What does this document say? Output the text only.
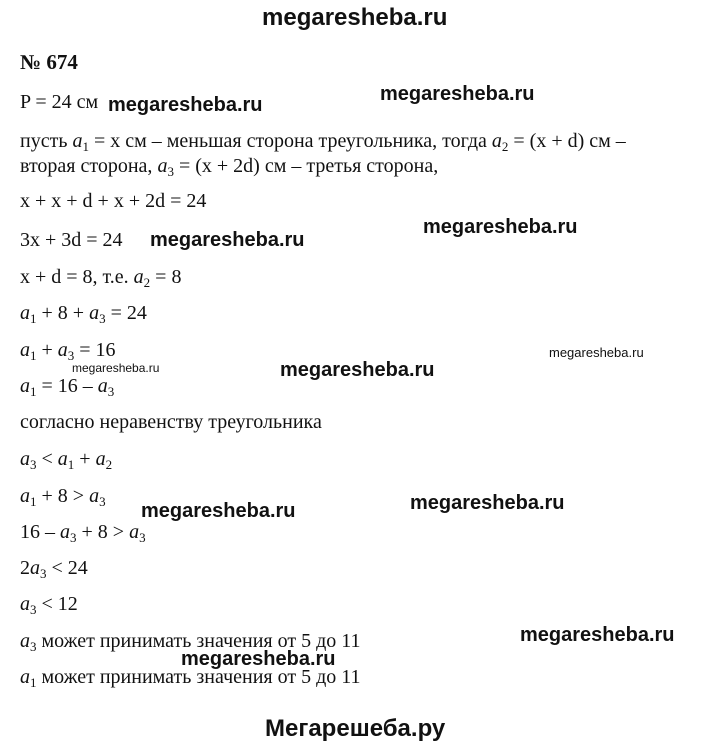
megaresheba.ru
№ 674
P = 24 см
пусть $a_1 = x$ см – меньшая сторона треугольника, тогда $a_2 = (x + d)$ см –
вторая сторона, $a_3 = (x + 2d)$ см – третья сторона,
x + x + d + x + 2d = 24
3x + 3d = 24
x + d = 8, т.е. $a_2 = 8$
$a_1 + 8 + a_3 = 24$
$a_1 + a_3 = 16$
$a_1 = 16 - a_3$
согласно неравенству треугольника
$a_3 < a_1 + a_2$
$a_1 + 8 > a_3$
$16 - a_3 + 8 > a_3$
$2a_3 < 24$
$a_3 < 12$
$a_3$ может принимать значения от 5 до 11
$a_1$ может принимать значения от 5 до 11
megaresheba.ru	megaresheba.ru
megaresheba.ru
megaresheba.ru
megaresheba.ru
megaresheba.ru	megaresheba.ru
megaresheba.ru	megaresheba.ru
megaresheba.ru
megaresheba.ru
Мегарешеба.ру
